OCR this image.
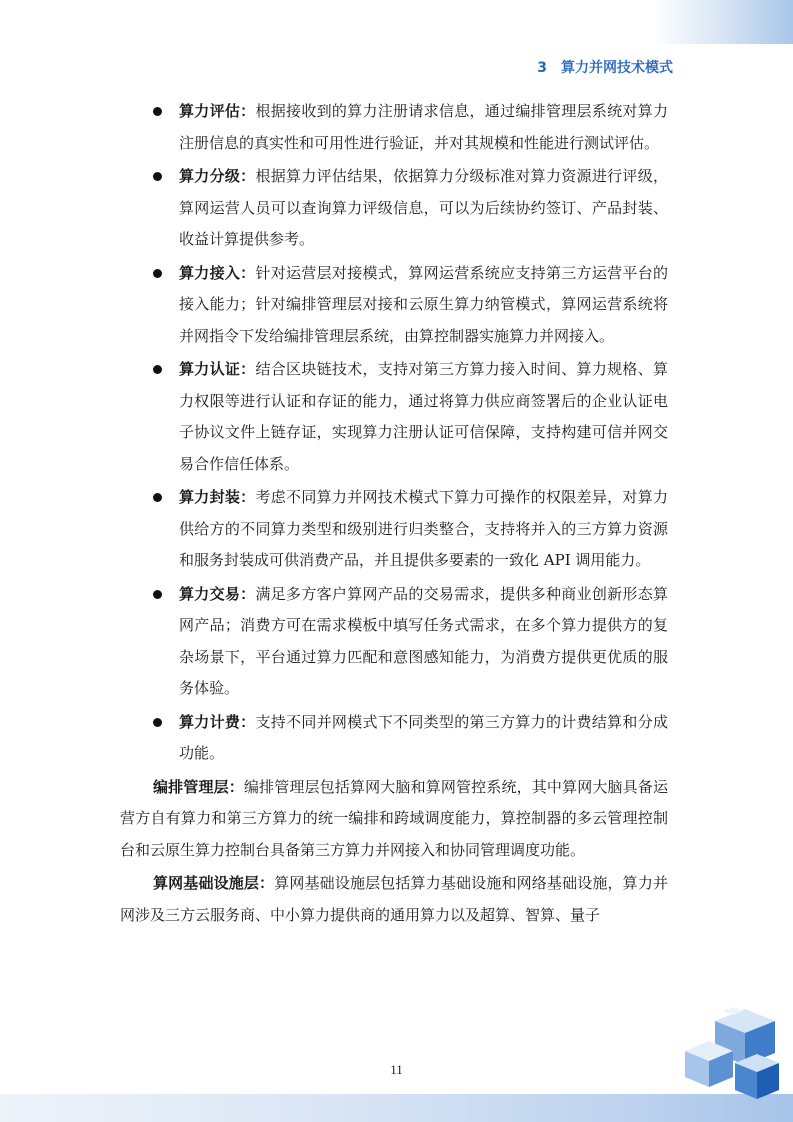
3 算力并网技术模式

算力评估：根据接收到的算力注册请求信息，通过编排管理层系统对算力注册信息的真实性和可用性进行验证，并对其规模和性能进行测试评估。

算力分级：根据算力评估结果，依据算力分级标准对算力资源进行评级，算网运营人员可以查询算力评级信息，可以为后续协约签订、产品封装、收益计算提供参考。

算力接入：针对运营层对接模式，算网运营系统应支持第三方运营平台的接入能力；针对编排管理层对接和云原生算力纳管模式，算网运营系统将并网指令下发给编排管理层系统，由算控制器实施算力并网接入。

算力认证：结合区块链技术，支持对第三方算力接入时间、算力规格、算力权限等进行认证和存证的能力，通过将算力供应商签署后的企业认证电子协议文件上链存证，实现算力注册认证可信保障，支持构建可信并网交易合作信任体系。

算力封装：考虑不同算力并网技术模式下算力可操作的权限差异，对算力供给方的不同算力类型和级别进行归类整合，支持将并入的三方算力资源和服务封装成可供消费产品，并且提供多要素的一致化 API 调用能力。

算力交易：满足多方客户算网产品的交易需求，提供多种商业创新形态算网产品；消费方可在需求模板中填写任务式需求，在多个算力提供方的复杂场景下，平台通过算力匹配和意图感知能力，为消费方提供更优质的服务体验。

算力计费：支持不同并网模式下不同类型的第三方算力的计费结算和分成功能。

编排管理层：编排管理层包括算网大脑和算网管控系统，其中算网大脑具备运营方自有算力和第三方算力的统一编排和跨域调度能力，算控制器的多云管理控制台和云原生算力控制台具备第三方算力并网接入和协同管理调度功能。

算网基础设施层：算网基础设施层包括算力基础设施和网络基础设施，算力并网涉及三方云服务商、中小算力提供商的通用算力以及超算、智算、量子

11
